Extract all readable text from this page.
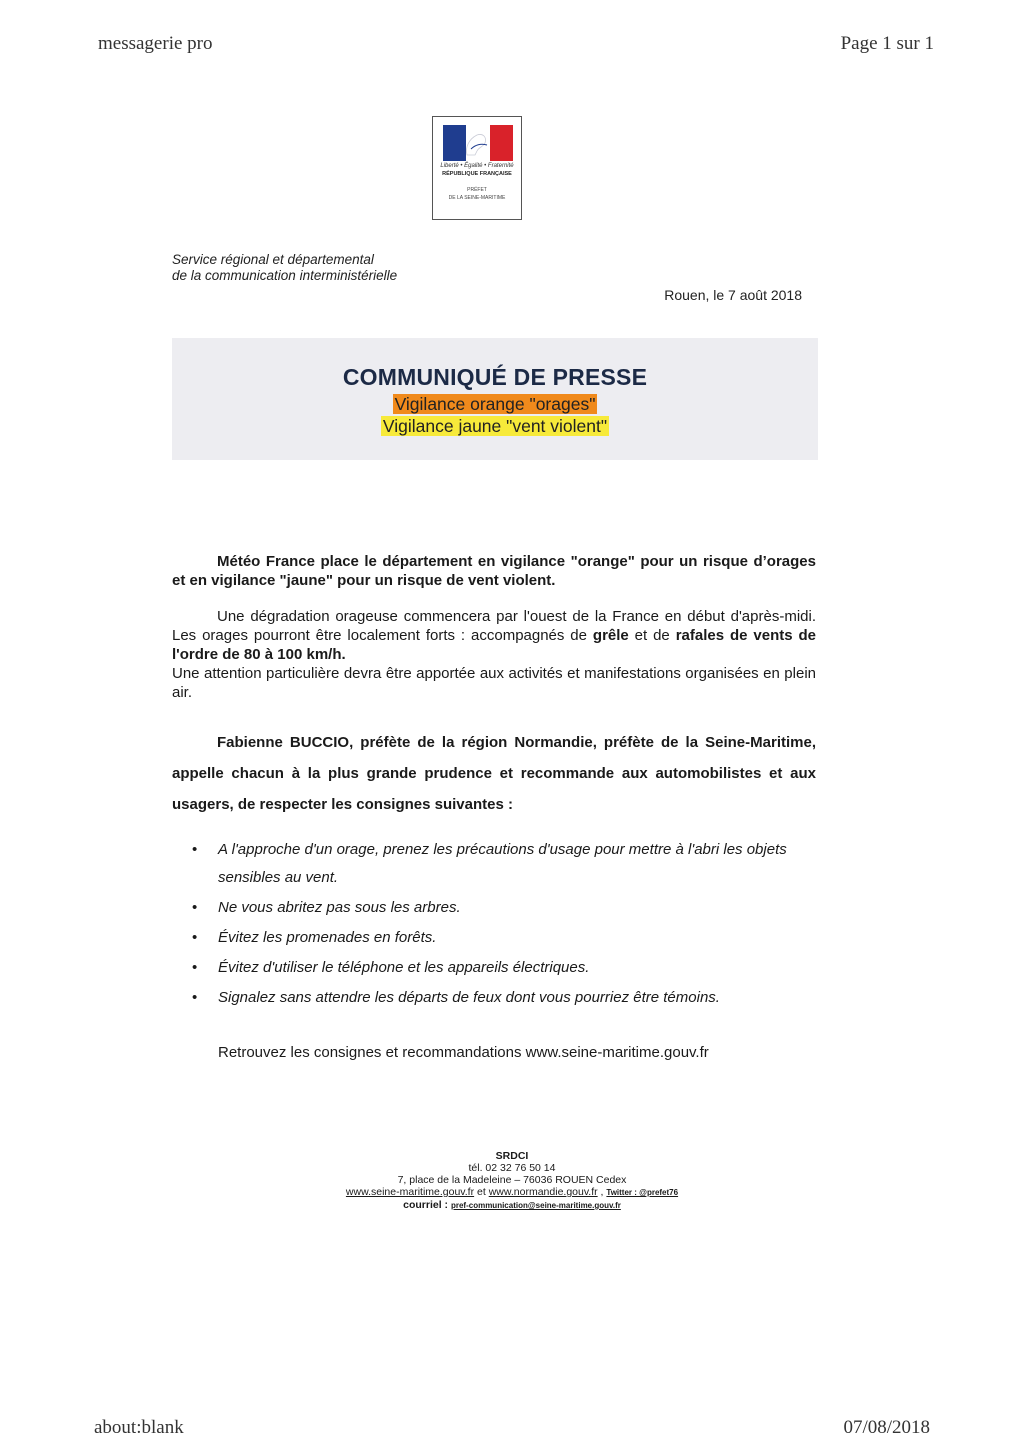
messagerie pro	Page 1 sur 1
Liberté • Égalité • Fraternité
RÉPUBLIQUE FRANÇAISE
PRÉFET
DE LA SEINE-MARITIME
Service régional et départemental
de la communication interministérielle
Rouen, le 7 août 2018
COMMUNIQUÉ DE PRESSE
Vigilance orange "orages"
Vigilance jaune "vent violent"
Météo France place le département en vigilance "orange" pour un risque d’orages et en vigilance "jaune" pour un risque de vent violent.
Une dégradation orageuse commencera par l'ouest de la France en début d'après-midi. Les orages pourront être localement forts : accompagnés de grêle et de rafales de vents de l'ordre de 80 à 100 km/h.
Une attention particulière devra être apportée aux activités et manifestations organisées en plein air.
Fabienne BUCCIO, préfète de la région Normandie, préfète de la Seine-Maritime, appelle chacun à la plus grande prudence et recommande aux automobilistes et aux usagers, de respecter les consignes suivantes :
• A l'approche d'un orage, prenez les précautions d'usage pour mettre à l'abri les objets sensibles au vent.
• Ne vous abritez pas sous les arbres.
• Évitez les promenades en forêts.
• Évitez d'utiliser le téléphone et les appareils électriques.
• Signalez sans attendre les départs de feux dont vous pourriez être témoins.
Retrouvez les consignes et recommandations www.seine-maritime.gouv.fr
SRDCI
tél. 02 32 76 50 14
7, place de la Madeleine – 76036 ROUEN Cedex
www.seine-maritime.gouv.fr et www.normandie.gouv.fr , Twitter : @prefet76
courriel : pref-communication@seine-maritime.gouv.fr
about:blank	07/08/2018
